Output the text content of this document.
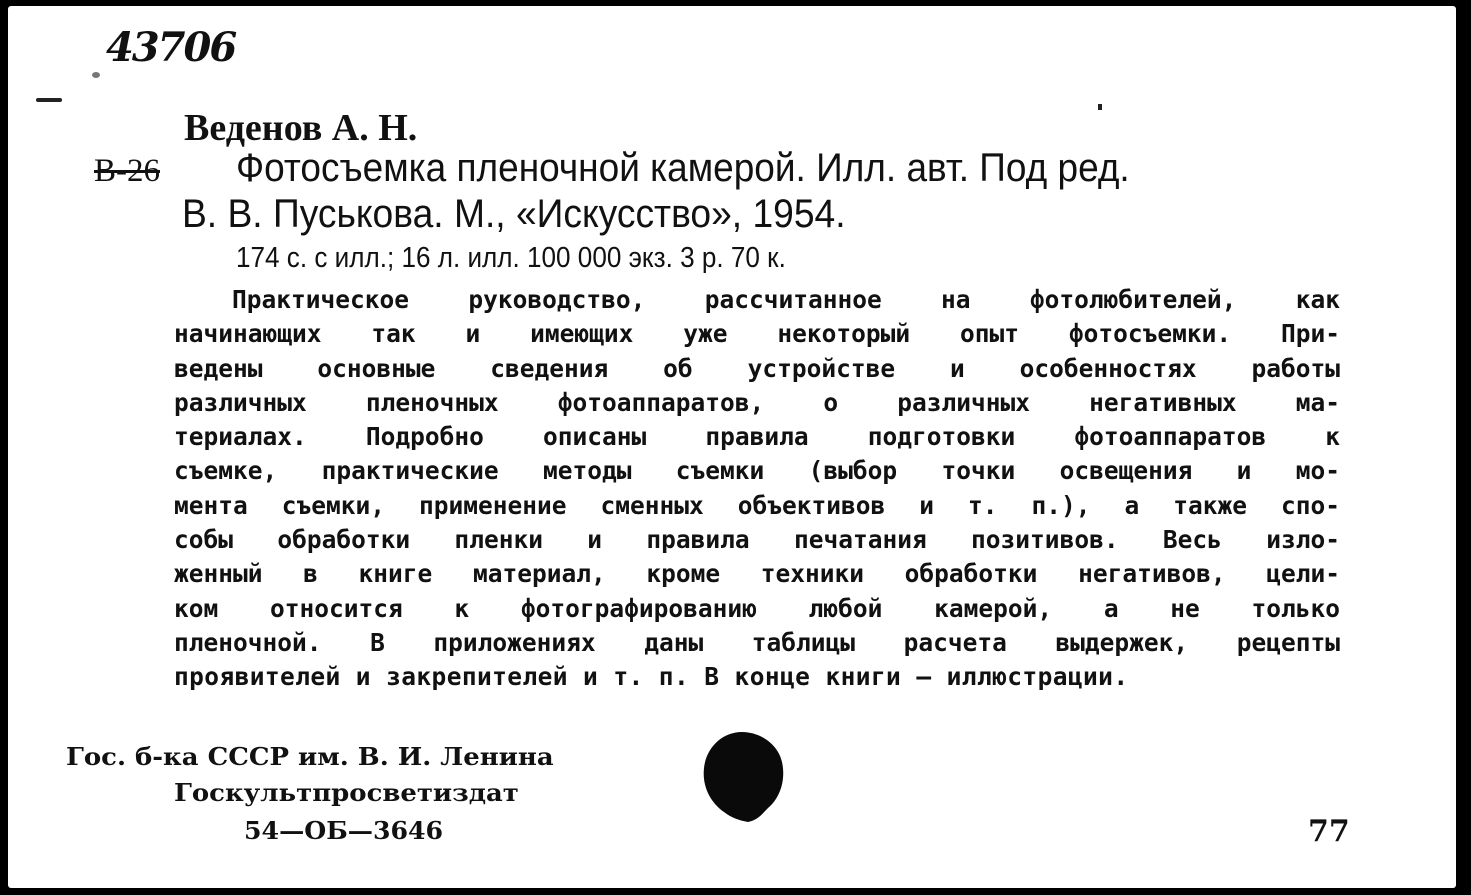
43706
Веденов А. Н.
В-26 Фотосъемка пленочной камерой. Илл. авт. Под ред.
В. В. Пуськова. М., «Искусство», 1954.
174 с. с илл.; 16 л. илл. 100 000 экз. 3 р. 70 к.
Практическое руководство, рассчитанное на фотолюбителей, как
начинающих так и имеющих уже некоторый опыт фотосъемки. При-
ведены основные сведения об устройстве и особенностях работы
различных пленочных фотоаппаратов, о различных негативных ма-
териалах. Подробно описаны правила подготовки фотоаппаратов к
съемке, практические методы съемки (выбор точки освещения и мо-
мента съемки, применение сменных объективов и т. п.), а также спо-
собы обработки пленки и правила печатания позитивов. Весь изло-
женный в книге материал, кроме техники обработки негативов, цели-
ком относится к фотографированию любой камерой, а не только
пленочной. В приложениях даны таблицы расчета выдержек, рецепты
проявителей и закрепителей и т. п. В конце книги — иллюстрации.
Гос. б-ка СССР им. В. И. Ленина
Госкультпросветиздат
54—ОБ—3646	77
